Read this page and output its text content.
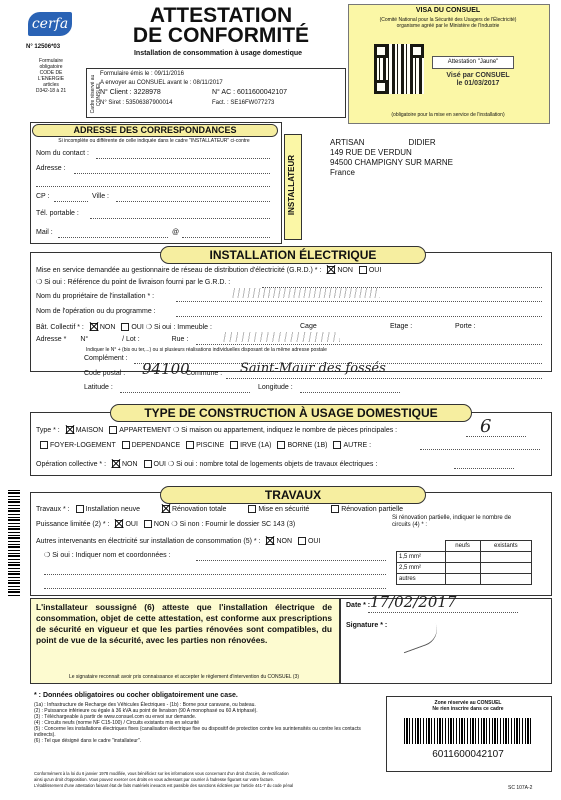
cerfa
N° 12506*03
Formulaire
obligatoire
CODE DE
L'ENERGIE
articles
D342-18 à 21
ATTESTATION
DE CONFORMITÉ
Installation de consommation à usage domestique
VISA DU CONSUEL
(Comité National pour la Sécurité des Usagers de l'Électricité)
organisme agréé par le Ministère de l'Industrie
Attestation "Jaune"
Visé par CONSUEL
le 01/03/2017
(obligatoire pour la mise en service de l'installation)
Cadre réservé au CONSUEL
Formulaire émis le : 09/11/2016
A envoyer au CONSUEL avant le : 08/11/2017
N° Client : 3228978	N° AC : 6011600042107
N° Siret : 53506387900014	Fact. : SE16FW077273
ADRESSE DES CORRESPONDANCES
Si incomplète ou différente de celle indiquée dans le cadre "INSTALLATEUR" ci-contre
Nom du contact :
Adresse :
CP :	Ville :
Tél. portable :
Mail :	@
INSTALLATEUR
ARTISAN	DIDIER
149 RUE DE VERDUN
94500 CHAMPIGNY SUR MARNE
France
INSTALLATION ÉLECTRIQUE
Mise en service demandée au gestionnaire de réseau de distribution d'électricité (G.R.D.) * : NON OUI
❍ Si oui : Référence du point de livraison fourni par le G.R.D. :
Nom du propriétaire de l'installation * :
Nom de l'opération ou du programme :
Bât. Collectif * : NON OUI ❍ Si oui : Immeuble :	Cage	Etage :	Porte :
Adresse * N°	/ Lot :	Rue :
Indiquer le N° + (bis ou ter,...) ou si plusieurs réalisations individuelles disposant de la même adresse postale
Complément :
Code postal : 94100
Commune : Saint-Maur des fossés
Latitude :	Longitude :
TYPE DE CONSTRUCTION À USAGE DOMESTIQUE
Type * : MAISON APPARTEMENT ❍ Si maison ou appartement, indiquez le nombre de pièces principales :	6
FOYER-LOGEMENT DEPENDANCE PISCINE IRVE (1A) BORNE (1B) AUTRE :
Opération collective * : NON OUI ❍ Si oui : nombre total de logements objets de travaux électriques :
TRAVAUX
Travaux * : Installation neuve	Rénovation totale	Mise en sécurité	Rénovation partielle
Si rénovation partielle, indiquer le nombre de circuits (4) * :
Puissance limitée (2) * : OUI NON ❍ Si non : Fournir le dossier SC 143 (3)
Autres intervenants en électricité sur installation de consommation (5) * : NON OUI
❍ Si oui : Indiquer nom et coordonnées :
	neufs	existants
1,5 mm²		
2,5 mm²		
autres		
L'installateur soussigné (6) atteste que l'installation électrique de consommation, objet de cette attestation, est conforme aux prescriptions de sécurité en vigueur et que les parties rénovées sont compatibles, du point de vue de la sécurité, avec les parties non rénovées.
Le signataire reconnait avoir pris connaissance et accepter le règlement d'intervention du CONSUEL (3)
Date * : 17/02/2017
Signature * :
* : Données obligatoires ou cocher obligatoirement une case.
(1a) : Infrastructure de Recharge des Véhicules Électriques - (1b) : Borne pour caravane, ou bateau.
(2) : Puissance inférieure ou égale à 36 kVA au point de livraison (90 A monophasé ou 60 A triphasé).
(3) : Téléchargeable à partir de www.consuel.com ou envoi sur demande.
(4) : Circuits neufs (norme NF C15-100) / Circuits existants mis en sécurité
(5) : Concerne les installations électriques fixes (canalisation électrique fixe ou dispositif de protection contre les surintensités ou contre les contacts indirects).
(6) : Tel que désigné dans le cadre "installateur".
Conformément à la loi du 6 janvier 1978 modifiée, vous bénéficiez sur les informations vous concernant d'un droit d'accès, de rectification
ainsi qu'un droit d'opposition. Vous pouvez exercer ces droits en vous adressant par courrier à l'adresse figurant sur votre facture.
L'établissement d'une attestation faisant état de faits matériels inexacts est passible des sanctions édictées par l'article 441-7 du code pénal	SC 107A-2
Zone réservée au CONSUEL
Ne rien inscrire dans ce cadre
6011600042107
